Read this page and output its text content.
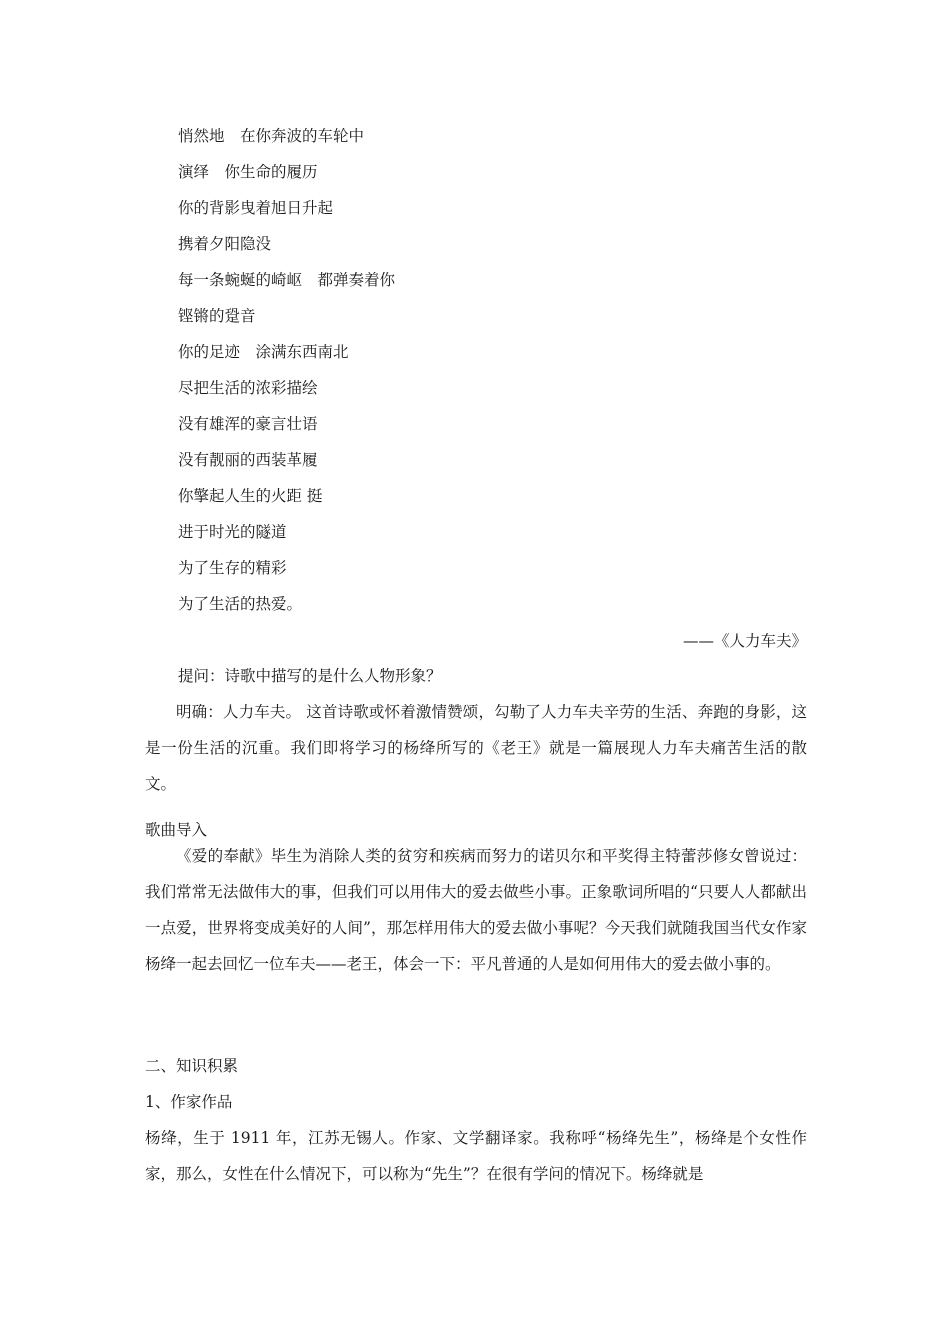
悄然地　在你奔波的车轮中
演绎　你生命的履历
你的背影曳着旭日升起
携着夕阳隐没
每一条蜿蜒的崎岖　都弹奏着你
铿锵的跫音
你的足迹　涂满东西南北
尽把生活的浓彩描绘
没有雄浑的豪言壮语
没有靓丽的西装革履
你擎起人生的火距 挺
进于时光的隧道
为了生存的精彩
为了生活的热爱。
——《人力车夫》
提问：诗歌中描写的是什么人物形象？

明确：人力车夫。 这首诗歌或怀着激情赞颂，勾勒了人力车夫辛劳的生活、奔跑的身影，这是一份生活的沉重。我们即将学习的杨绛所写的《老王》就是一篇展现人力车夫痛苦生活的散文。

歌曲导入

《爱的奉献》毕生为消除人类的贫穷和疾病而努力的诺贝尔和平奖得主特蕾莎修女曾说过：我们常常无法做伟大的事，但我们可以用伟大的爱去做些小事。正象歌词所唱的“只要人人都献出一点爱，世界将变成美好的人间”，那怎样用伟大的爱去做小事呢？今天我们就随我国当代女作家杨绛一起去回忆一位车夫——老王，体会一下：平凡普通的人是如何用伟大的爱去做小事的。

二、知识积累
1、作家作品

杨绛，生于 1911 年，江苏无锡人。作家、文学翻译家。我称呼“杨绛先生”，杨绛是个女性作家，那么，女性在什么情况下，可以称为“先生”？在很有学问的情况下。杨绛就是
